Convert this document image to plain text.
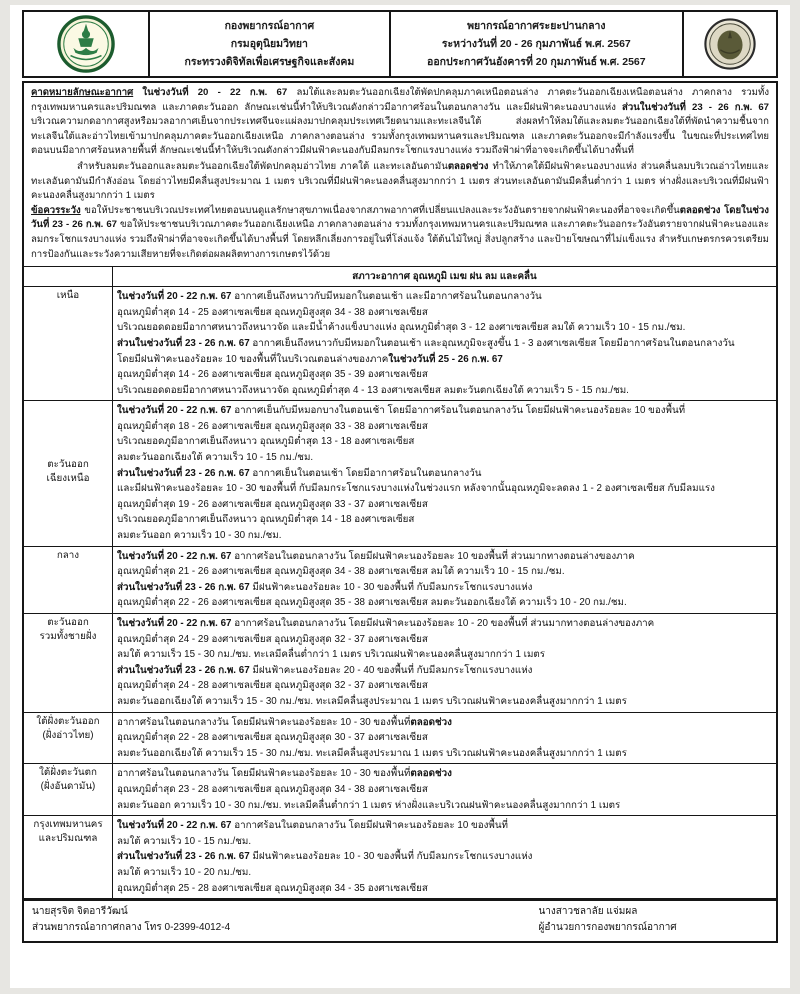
กองพยากรณ์อากาศ
กรมอุตุนิยมวิทยา
กระทรวงดิจิทัลเพื่อเศรษฐกิจและสังคม
พยากรณ์อากาศระยะปานกลาง
ระหว่างวันที่ 20 - 26 กุมภาพันธ์ พ.ศ. 2567
ออกประกาศวันอังคารที่ 20 กุมภาพันธ์ พ.ศ. 2567
คาดหมายลักษณะอากาศ ในช่วงวันที่ 20 - 22 ก.พ. 67 ลมใต้และลมตะวันออกเฉียงใต้พัดปกคลุมภาคเหนือตอนล่าง ภาคตะวันออกเฉียงเหนือตอนล่าง ภาคกลาง รวมทั้งกรุงเทพมหานครและปริมณฑล และภาคตะวันออก ลักษณะเช่นนี้ทำให้บริเวณดังกล่าวมีอากาศร้อนในตอนกลางวัน และมีฝนฟ้าคะนองบางแห่ง ส่วนในช่วงวันที่ 23 - 26 ก.พ. 67 บริเวณความกดอากาศสูงหรือมวลอากาศเย็นจากประเทศจีนจะแผ่ลงมาปกคลุมประเทศเวียดนามและทะเลจีนใต้ ส่งผลทำให้ลมใต้และลมตะวันออกเฉียงใต้ที่พัดนำความชื้นจากทะเลจีนใต้และอ่าวไทยเข้ามาปกคลุมภาคตะวันออกเฉียงเหนือ ภาคกลางตอนล่าง รวมทั้งกรุงเทพมหานครและปริมณฑล และภาคตะวันออกจะมีกำลังแรงขึ้น ในขณะที่ประเทศไทยตอนบนมีอากาศร้อนหลายพื้นที่ ลักษณะเช่นนี้ทำให้บริเวณดังกล่าวมีฝนฟ้าคะนองกับมีลมกระโชกแรงบางแห่ง รวมถึงฟ้าผ่าที่อาจจะเกิดขึ้นได้บางพื้นที่
สำหรับลมตะวันออกและลมตะวันออกเฉียงใต้พัดปกคลุมอ่าวไทย ภาคใต้ และทะเลอันดามันตลอดช่วง ทำให้ภาคใต้มีฝนฟ้าคะนองบางแห่ง ส่วนคลื่นลมบริเวณอ่าวไทยและทะเลอันดามันมีกำลังอ่อน โดยอ่าวไทยมีคลื่นสูงประมาณ 1 เมตร บริเวณที่มีฝนฟ้าคะนองคลื่นสูงมากกว่า 1 เมตร ส่วนทะเลอันดามันมีคลื่นต่ำกว่า 1 เมตร ห่างฝั่งและบริเวณที่มีฝนฟ้าคะนองคลื่นสูงมากกว่า 1 เมตร
ข้อควรระวัง ขอให้ประชาชนบริเวณประเทศไทยตอนบนดูแลรักษาสุขภาพเนื่องจากสภาพอากาศที่เปลี่ยนแปลงและระวังอันตรายจากฝนฟ้าคะนองที่อาจจะเกิดขึ้นตลอดช่วง โดยในช่วงวันที่ 23 - 26 ก.พ. 67 ขอให้ประชาชนบริเวณภาคตะวันออกเฉียงเหนือ ภาคกลางตอนล่าง รวมทั้งกรุงเทพมหานครและปริมณฑล และภาคตะวันออกระวังอันตรายจากฝนฟ้าคะนองและลมกระโชกแรงบางแห่ง รวมถึงฟ้าผ่าที่อาจจะเกิดขึ้นได้บางพื้นที่ โดยหลีกเลี่ยงการอยู่ในที่โล่งแจ้ง ใต้ต้นไม้ใหญ่ สิ่งปลูกสร้าง และป้ายโฆษณาที่ไม่แข็งแรง สำหรับเกษตรกรควรเตรียมการป้องกันและระวังความเสียหายที่จะเกิดต่อผลผลิตทางการเกษตรไว้ด้วย
	สภาวะอากาศ อุณหภูมิ เมฆ ฝน ลม และคลื่น
เหนือ	ในช่วงวันที่ 20 - 22 ก.พ. 67 อากาศเย็นถึงหนาวกับมีหมอกในตอนเช้า และมีอากาศร้อนในตอนกลางวัน
อุณหภูมิต่ำสุด 14 - 25 องศาเซลเซียส อุณหภูมิสูงสุด 34 - 38 องศาเซลเซียส
บริเวณยอดดอยมีอากาศหนาวถึงหนาวจัด และมีน้ำค้างแข็งบางแห่ง อุณหภูมิต่ำสุด 3 - 12 องศาเซลเซียส ลมใต้ ความเร็ว 10 - 15 กม./ชม.
ส่วนในช่วงวันที่ 23 - 26 ก.พ. 67 อากาศเย็นถึงหนาวกับมีหมอกในตอนเช้า และอุณหภูมิจะสูงขึ้น 1 - 3 องศาเซลเซียส โดยมีอากาศร้อนในตอนกลางวัน
โดยมีฝนฟ้าคะนองร้อยละ 10 ของพื้นที่ในบริเวณตอนล่างของภาคในช่วงวันที่ 25 - 26 ก.พ. 67
อุณหภูมิต่ำสุด 14 - 26 องศาเซลเซียส อุณหภูมิสูงสุด 35 - 39 องศาเซลเซียส
บริเวณยอดดอยมีอากาศหนาวถึงหนาวจัด อุณหภูมิต่ำสุด 4 - 13 องศาเซลเซียส ลมตะวันตกเฉียงใต้ ความเร็ว 5 - 15 กม./ชม.

ตะวันออก
เฉียงเหนือ	
ในช่วงวันที่ 20 - 22 ก.พ. 67 อากาศเย็นกับมีหมอกบางในตอนเช้า โดยมีอากาศร้อนในตอนกลางวัน โดยมีฝนฟ้าคะนองร้อยละ 10 ของพื้นที่
อุณหภูมิต่ำสุด 18 - 26 องศาเซลเซียส อุณหภูมิสูงสุด 33 - 38 องศาเซลเซียส
บริเวณยอดภูมีอากาศเย็นถึงหนาว อุณหภูมิต่ำสุด 13 - 18 องศาเซลเซียส
ลมตะวันออกเฉียงใต้ ความเร็ว 10 - 15 กม./ชม.
ส่วนในช่วงวันที่ 23 - 26 ก.พ. 67 อากาศเย็นในตอนเช้า โดยมีอากาศร้อนในตอนกลางวัน
และมีฝนฟ้าคะนองร้อยละ 10 - 30 ของพื้นที่ กับมีลมกระโชกแรงบางแห่งในช่วงแรก หลังจากนั้นอุณหภูมิจะลดลง 1 - 2 องศาเซลเซียส กับมีลมแรง
อุณหภูมิต่ำสุด 19 - 26 องศาเซลเซียส อุณหภูมิสูงสุด 33 - 37 องศาเซลเซียส
บริเวณยอดภูมีอากาศเย็นถึงหนาว อุณหภูมิต่ำสุด 14 - 18 องศาเซลเซียส
ลมตะวันออก ความเร็ว 10 - 30 กม./ชม.

กลาง	ในช่วงวันที่ 20 - 22 ก.พ. 67 อากาศร้อนในตอนกลางวัน โดยมีฝนฟ้าคะนองร้อยละ 10 ของพื้นที่ ส่วนมากทางตอนล่างของภาค
อุณหภูมิต่ำสุด 21 - 26 องศาเซลเซียส อุณหภูมิสูงสุด 34 - 38 องศาเซลเซียส ลมใต้ ความเร็ว 10 - 15 กม./ชม.
ส่วนในช่วงวันที่ 23 - 26 ก.พ. 67 มีฝนฟ้าคะนองร้อยละ 10 - 30 ของพื้นที่ กับมีลมกระโชกแรงบางแห่ง
อุณหภูมิต่ำสุด 22 - 26 องศาเซลเซียส อุณหภูมิสูงสุด 35 - 38 องศาเซลเซียส ลมตะวันออกเฉียงใต้ ความเร็ว 10 - 20 กม./ชม.

ตะวันออก
รวมทั้งชายฝั่ง	
ในช่วงวันที่ 20 - 22 ก.พ. 67 อากาศร้อนในตอนกลางวัน โดยมีฝนฟ้าคะนองร้อยละ 10 - 20 ของพื้นที่ ส่วนมากทางตอนล่างของภาค
อุณหภูมิต่ำสุด 24 - 29 องศาเซลเซียส อุณหภูมิสูงสุด 32 - 37 องศาเซลเซียส
ลมใต้ ความเร็ว 15 - 30 กม./ชม. ทะเลมีคลื่นต่ำกว่า 1 เมตร บริเวณฝนฟ้าคะนองคลื่นสูงมากกว่า 1 เมตร
ส่วนในช่วงวันที่ 23 - 26 ก.พ. 67 มีฝนฟ้าคะนองร้อยละ 20 - 40 ของพื้นที่ กับมีลมกระโชกแรงบางแห่ง
อุณหภูมิต่ำสุด 24 - 28 องศาเซลเซียส อุณหภูมิสูงสุด 32 - 37 องศาเซลเซียส
ลมตะวันออกเฉียงใต้ ความเร็ว 15 - 30 กม./ชม. ทะเลมีคลื่นสูงประมาณ 1 เมตร บริเวณฝนฟ้าคะนองคลื่นสูงมากกว่า 1 เมตร

ใต้ฝั่งตะวันออก
(ฝั่งอ่าวไทย)	
อากาศร้อนในตอนกลางวัน โดยมีฝนฟ้าคะนองร้อยละ 10 - 30 ของพื้นที่ตลอดช่วง
อุณหภูมิต่ำสุด 22 - 28 องศาเซลเซียส อุณหภูมิสูงสุด 30 - 37 องศาเซลเซียส
ลมตะวันออกเฉียงใต้ ความเร็ว 15 - 30 กม./ชม. ทะเลมีคลื่นสูงประมาณ 1 เมตร บริเวณฝนฟ้าคะนองคลื่นสูงมากกว่า 1 เมตร

ใต้ฝั่งตะวันตก
(ฝั่งอันดามัน)	
อากาศร้อนในตอนกลางวัน โดยมีฝนฟ้าคะนองร้อยละ 10 - 30 ของพื้นที่ตลอดช่วง
อุณหภูมิต่ำสุด 23 - 28 องศาเซลเซียส อุณหภูมิสูงสุด 34 - 38 องศาเซลเซียส
ลมตะวันออก ความเร็ว 10 - 30 กม./ชม. ทะเลมีคลื่นต่ำกว่า 1 เมตร ห่างฝั่งและบริเวณฝนฟ้าคะนองคลื่นสูงมากกว่า 1 เมตร

กรุงเทพมหานคร
และปริมณฑล	
ในช่วงวันที่ 20 - 22 ก.พ. 67 อากาศร้อนในตอนกลางวัน โดยมีฝนฟ้าคะนองร้อยละ 10 ของพื้นที่
ลมใต้ ความเร็ว 10 - 15 กม./ชม.
ส่วนในช่วงวันที่ 23 - 26 ก.พ. 67 มีฝนฟ้าคะนองร้อยละ 10 - 30 ของพื้นที่ กับมีลมกระโชกแรงบางแห่ง
ลมใต้ ความเร็ว 10 - 20 กม./ชม.
อุณหภูมิต่ำสุด 25 - 28 องศาเซลเซียส อุณหภูมิสูงสุด 34 - 35 องศาเซลเซียส
นายสุรจิต จิตอารีวัฒน์
ส่วนพยากรณ์อากาศกลาง โทร 0-2399-4012-4
นางสาวชลาลัย แจ่มผล
ผู้อำนวยการกองพยากรณ์อากาศ
